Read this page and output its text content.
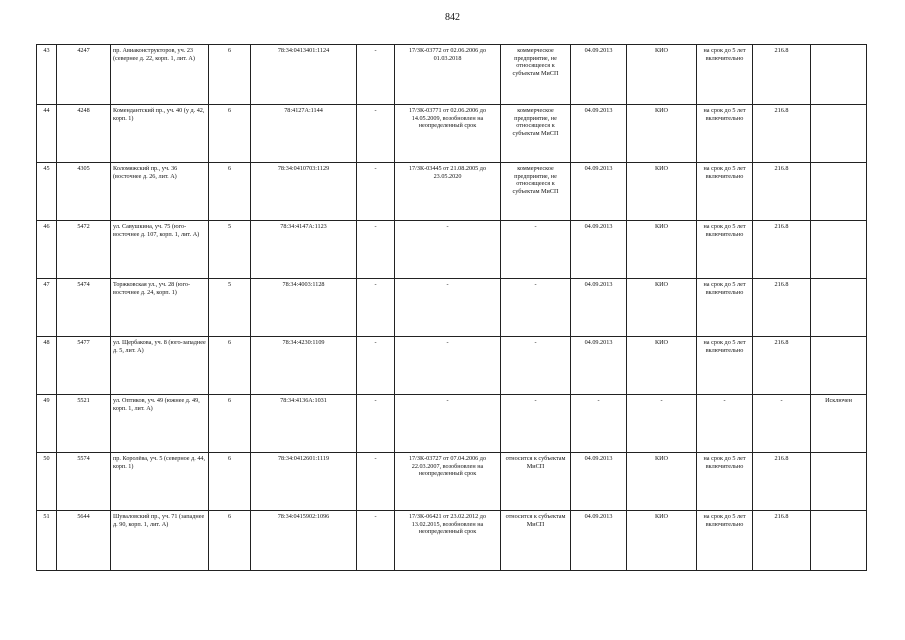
842
43	4247	пр. Авиаконструкторов, уч. 23 (севернее д. 22, корп. 1, лит. А)	6	78:34:0413401:1124	-	17/ЗК-03772 от 02.06.2006 до 01.03.2018	коммерческое предприятие, не относящееся к субъектам МиСП	04.09.2013	КИО	на срок до 5 лет включительно	216.8	
44	4248	Комендантский пр., уч. 40 (у д. 42, корп. 1)	6	78:4127А:1144	-	17/ЗК-03771 от 02.06.2006 до 14.05.2009, возобновлен на неопределенный срок	коммерческое предприятие, не относящееся к субъектам МиСП	04.09.2013	КИО	на срок до 5 лет включительно	216.8	
45	4305	Коломяжский пр., уч. 36 (восточнее д. 26, лит. А)	6	78:34:0410703:1129	-	17/ЗК-03445 от 21.08.2005 до 23.05.2020	коммерческое предприятие, не относящееся к субъектам МиСП	04.09.2013	КИО	на срок до 5 лет включительно	216.8	
46	5472	ул. Савушкина, уч. 75 (юго-восточнее д. 107, корп. 1, лит. А)	5	78:34:4147А:1123	-	-	-	04.09.2013	КИО	на срок до 5 лет включительно	216.8	
47	5474	Торжковская ул., уч. 28 (юго-восточнее д. 24, корп. 1)	5	78:34:4003:1128	-	-	-	04.09.2013	КИО	на срок до 5 лет включительно	216.8	
48	5477	ул. Щербакова, уч. 8 (юго-западнее д. 5, лит. А)	6	78:34:4230:1109	-	-	-	04.09.2013	КИО	на срок до 5 лет включительно	216.8	
49	5521	ул. Оптиков, уч. 49 (южнее д. 49, корп. 1, лит. А)	6	78:34:4136А:1031	-	-	-	-	-	-	-	Исключен
50	5574	пр. Королёва, уч. 5 (северное д. 44, корп. 1)	6	78:34:0412601:1119	-	17/ЗК-03727 от 07.04.2006 до 22.03.2007, возобновлен на неопределенный срок	относится к субъектам МиСП	04.09.2013	КИО	на срок до 5 лет включительно	216.8	
51	5644	Шуваловский пр., уч. 71 (западнее д. 90, корп. 1, лит. А)	6	78:34:0415902:1096	-	17/ЗК-06421 от 23.02.2012 до 13.02.2015, возобновлен на неопределенный срок	относится к субъектам МиСП	04.09.2013	КИО	на срок до 5 лет включительно	216.8	
